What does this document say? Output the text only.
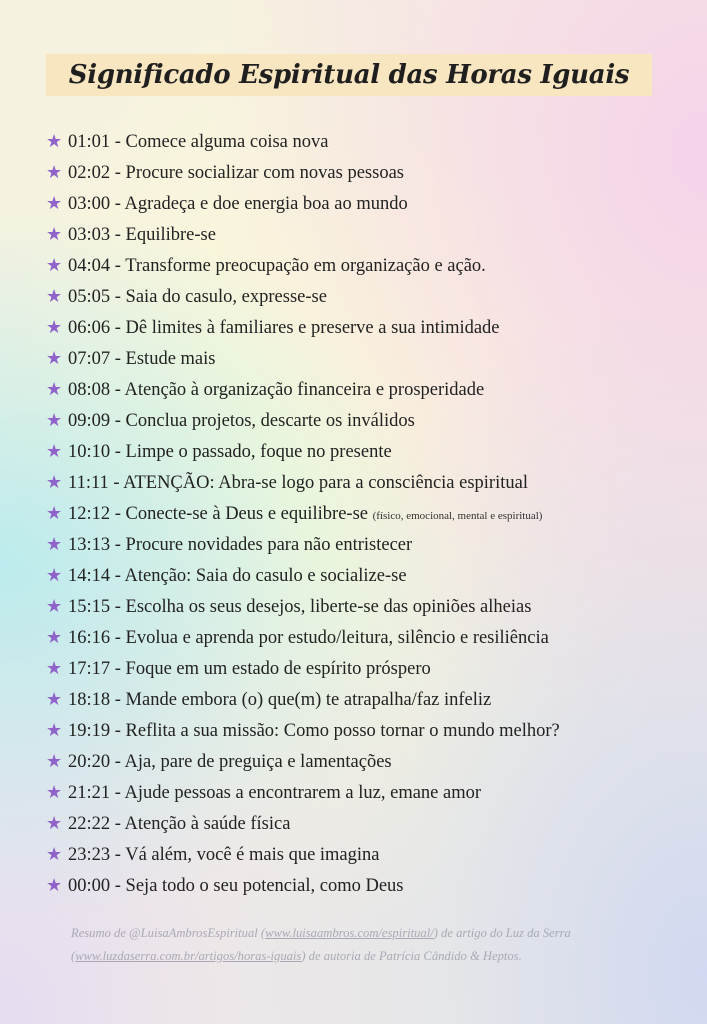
Significado Espiritual das Horas Iguais
★ 01:01 - Comece alguma coisa nova
★ 02:02 - Procure socializar com novas pessoas
★ 03:00 - Agradeça e doe energia boa ao mundo
★ 03:03 - Equilibre-se
★ 04:04 - Transforme preocupação em organização e ação.
★ 05:05 - Saia do casulo, expresse-se
★ 06:06 - Dê limites à familiares e preserve a sua intimidade
★ 07:07 - Estude mais
★ 08:08 - Atenção à organização financeira e prosperidade
★ 09:09 - Conclua projetos, descarte os inválidos
★ 10:10 - Limpe o passado, foque no presente
★ 11:11 - ATENÇÃO: Abra-se logo para a consciência espiritual
★ 12:12 - Conecte-se à Deus e equilibre-se (físico, emocional, mental e espiritual)
★ 13:13 - Procure novidades para não entristecer
★ 14:14 - Atenção: Saia do casulo e socialize-se
★ 15:15 - Escolha os seus desejos, liberte-se das opiniões alheias
★ 16:16 - Evolua e aprenda por estudo/leitura, silêncio e resiliência
★ 17:17 - Foque em um estado de espírito próspero
★ 18:18 - Mande embora (o) que(m) te atrapalha/faz infeliz
★ 19:19 - Reflita a sua missão: Como posso tornar o mundo melhor?
★ 20:20 - Aja, pare de preguiça e lamentações
★ 21:21 - Ajude pessoas a encontrarem a luz, emane amor
★ 22:22 - Atenção à saúde física
★ 23:23 - Vá além, você é mais que imagina
★ 00:00 - Seja todo o seu potencial, como Deus
Resumo de @LuisaAmbrosEspiritual (www.luisaambros.com/espiritual/) de artigo do Luz da Serra
(www.luzdaserra.com.br/artigos/horas-iguais) de autoria de Patrícia Cândido & Heptos.
